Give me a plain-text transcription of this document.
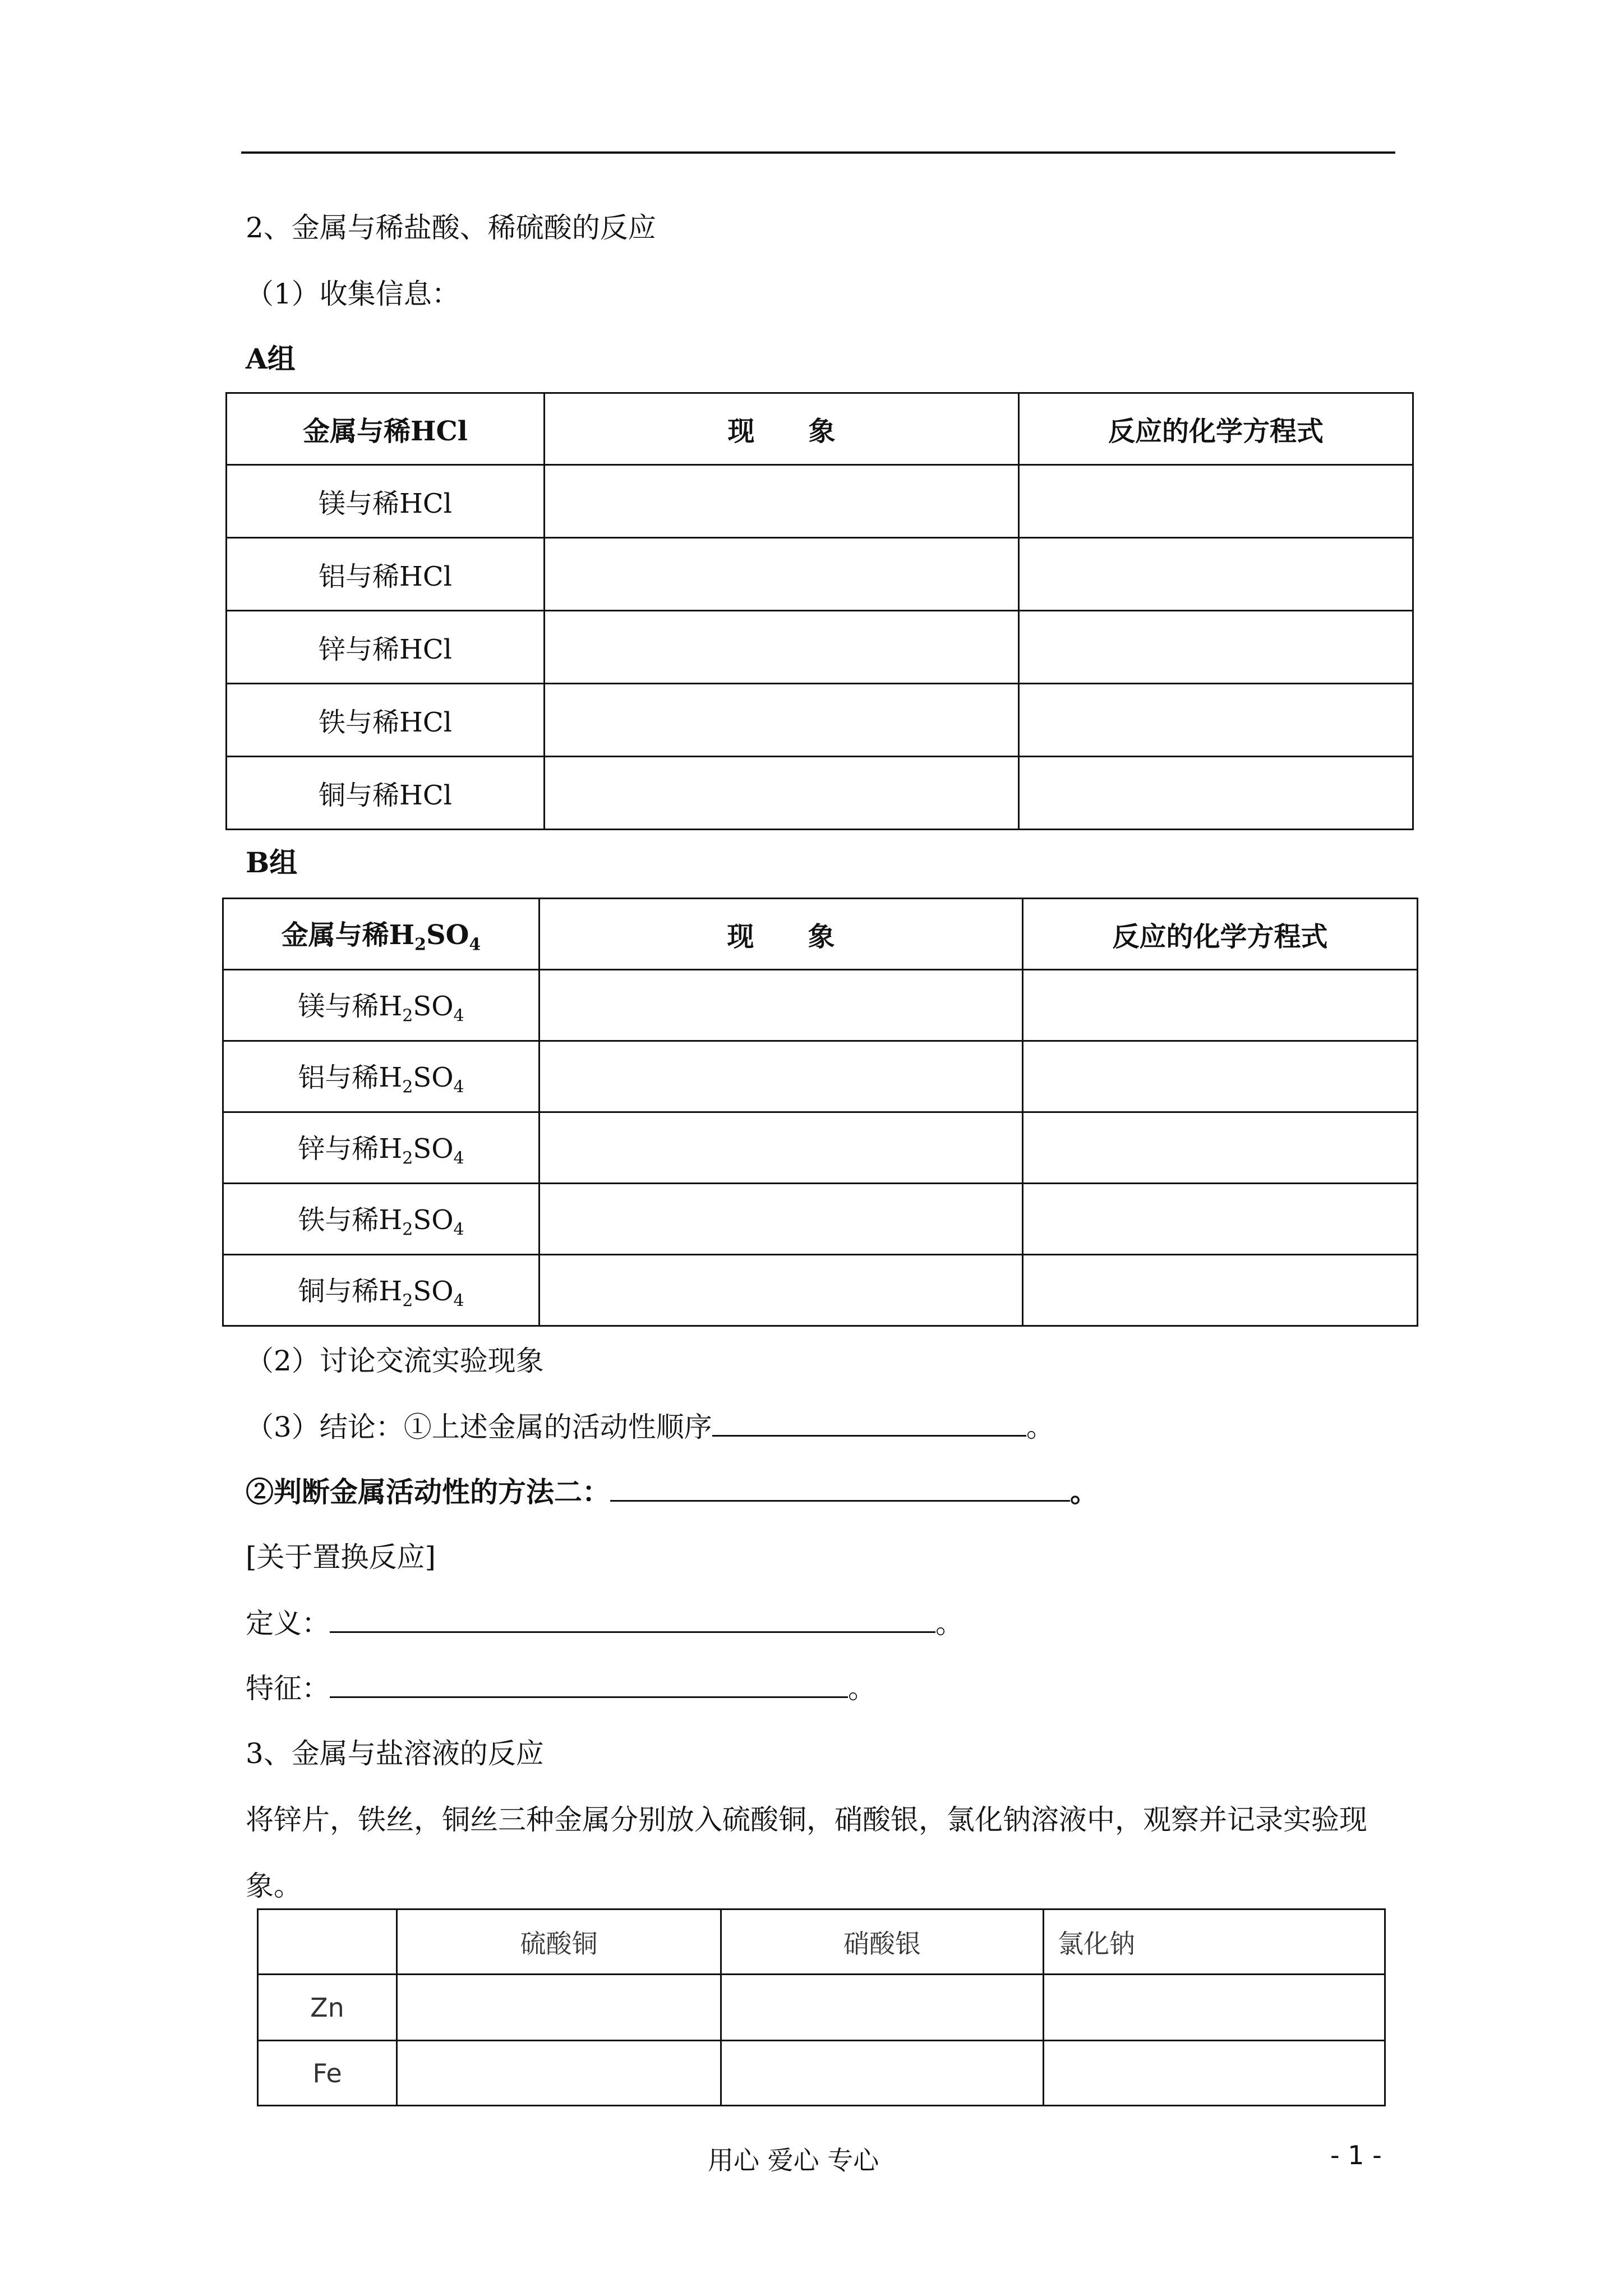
2、金属与稀盐酸、稀硫酸的反应
（1）收集信息：
A组
金属与稀HCl	现　　象	反应的化学方程式
镁与稀HCl		
铝与稀HCl		
锌与稀HCl		
铁与稀HCl		
铜与稀HCl		
B组
金属与稀$H_2SO_4$	现　　象	反应的化学方程式
镁与稀$H_2SO_4$		
铝与稀$H_2SO_4$		
锌与稀$H_2SO_4$		
铁与稀$H_2SO_4$		
铜与稀$H_2SO_4$		
（2）讨论交流实验现象
（3）结论：①上述金属的活动性顺序	。
②判断金属活动性的方法二：	。
[关于置换反应]
定义：	。
特征：	。
3、金属与盐溶液的反应
将锌片，铁丝，铜丝三种金属分别放入硫酸铜，硝酸银，氯化钠溶液中，观察并记录实验现
象。
	硫酸铜	硝酸银	氯化钠
Zn			
Fe			
用心 爱心 专心	- 1 -
